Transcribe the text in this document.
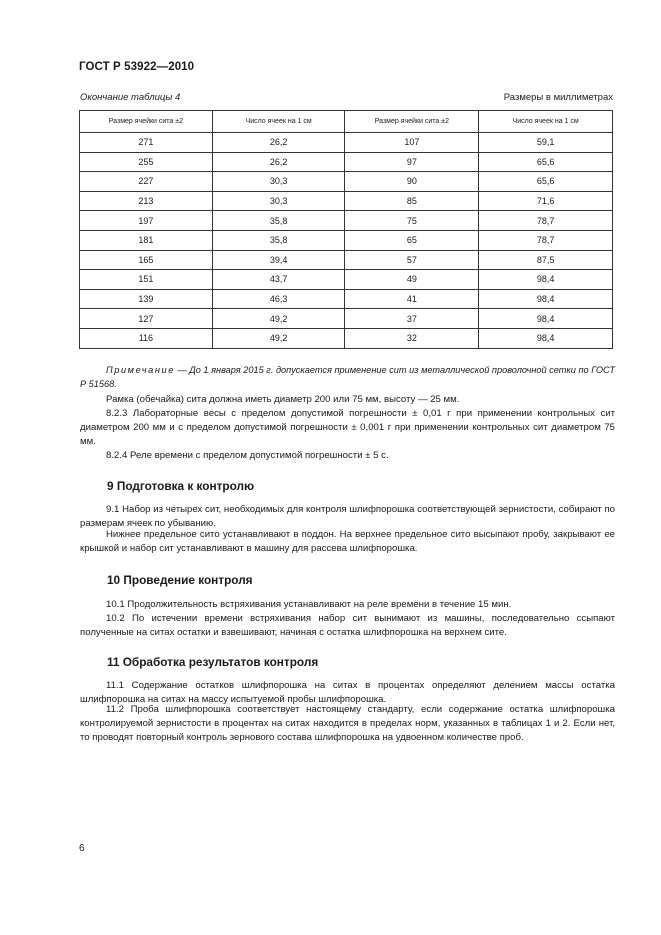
ГОСТ Р 53922—2010
Окончание таблицы 4	Размеры в миллиметрах
Размер ячейки сита ±2	Число ячеек на 1 см	Размер ячейки сита ±2	Число ячеек на 1 см
271	26,2	107	59,1
255	26,2	97	65,6
227	30,3	90	65,6
213	30,3	85	71,6
197	35,8	75	78,7
181	35,8	65	78,7
165	39,4	57	87,5
151	43,7	49	98,4
139	46,3	41	98,4
127	49,2	37	98,4
116	49,2	32	98,4
Примечание — До 1 января 2015 г. допускается применение сит из металлической проволочной сетки по ГОСТ Р 51568.
Рамка (обечайка) сита должна иметь диаметр 200 или 75 мм, высоту — 25 мм.
8.2.3 Лабораторные весы с пределом допустимой погрешности ± 0,01 г при применении контрольных сит диаметром 200 мм и с пределом допустимой погрешности ± 0,001 г при применении контрольных сит диаметром 75 мм.
8.2.4 Реле времени с пределом допустимой погрешности ± 5 с.
9 Подготовка к контролю
9.1 Набор из четырех сит, необходимых для контроля шлифпорошка соответствующей зернистости, собирают по размерам ячеек по убыванию.
Нижнее предельное сито устанавливают в поддон. На верхнее предельное сито высыпают пробу, закрывают ее крышкой и набор сит устанавливают в машину для рассева шлифпорошка.
10 Проведение контроля
10.1 Продолжительность встряхивания устанавливают на реле времени в течение 15 мин.
10.2 По истечении времени встряхивания набор сит вынимают из машины, последовательно ссыпают полученные на ситах остатки и взвешивают, начиная с остатка шлифпорошка на верхнем сите.
11 Обработка результатов контроля
11.1 Содержание остатков шлифпорошка на ситах в процентах определяют делением массы остатка шлифпорошка на ситах на массу испытуемой пробы шлифпорошка.
11.2 Проба шлифпорошка соответствует настоящему стандарту, если содержание остатка шлифпорошка контролируемой зернистости в процентах на ситах находится в пределах норм, указанных в таблицах 1 и 2. Если нет, то проводят повторный контроль зернового состава шлифпорошка на удвоенном количестве проб.
6
